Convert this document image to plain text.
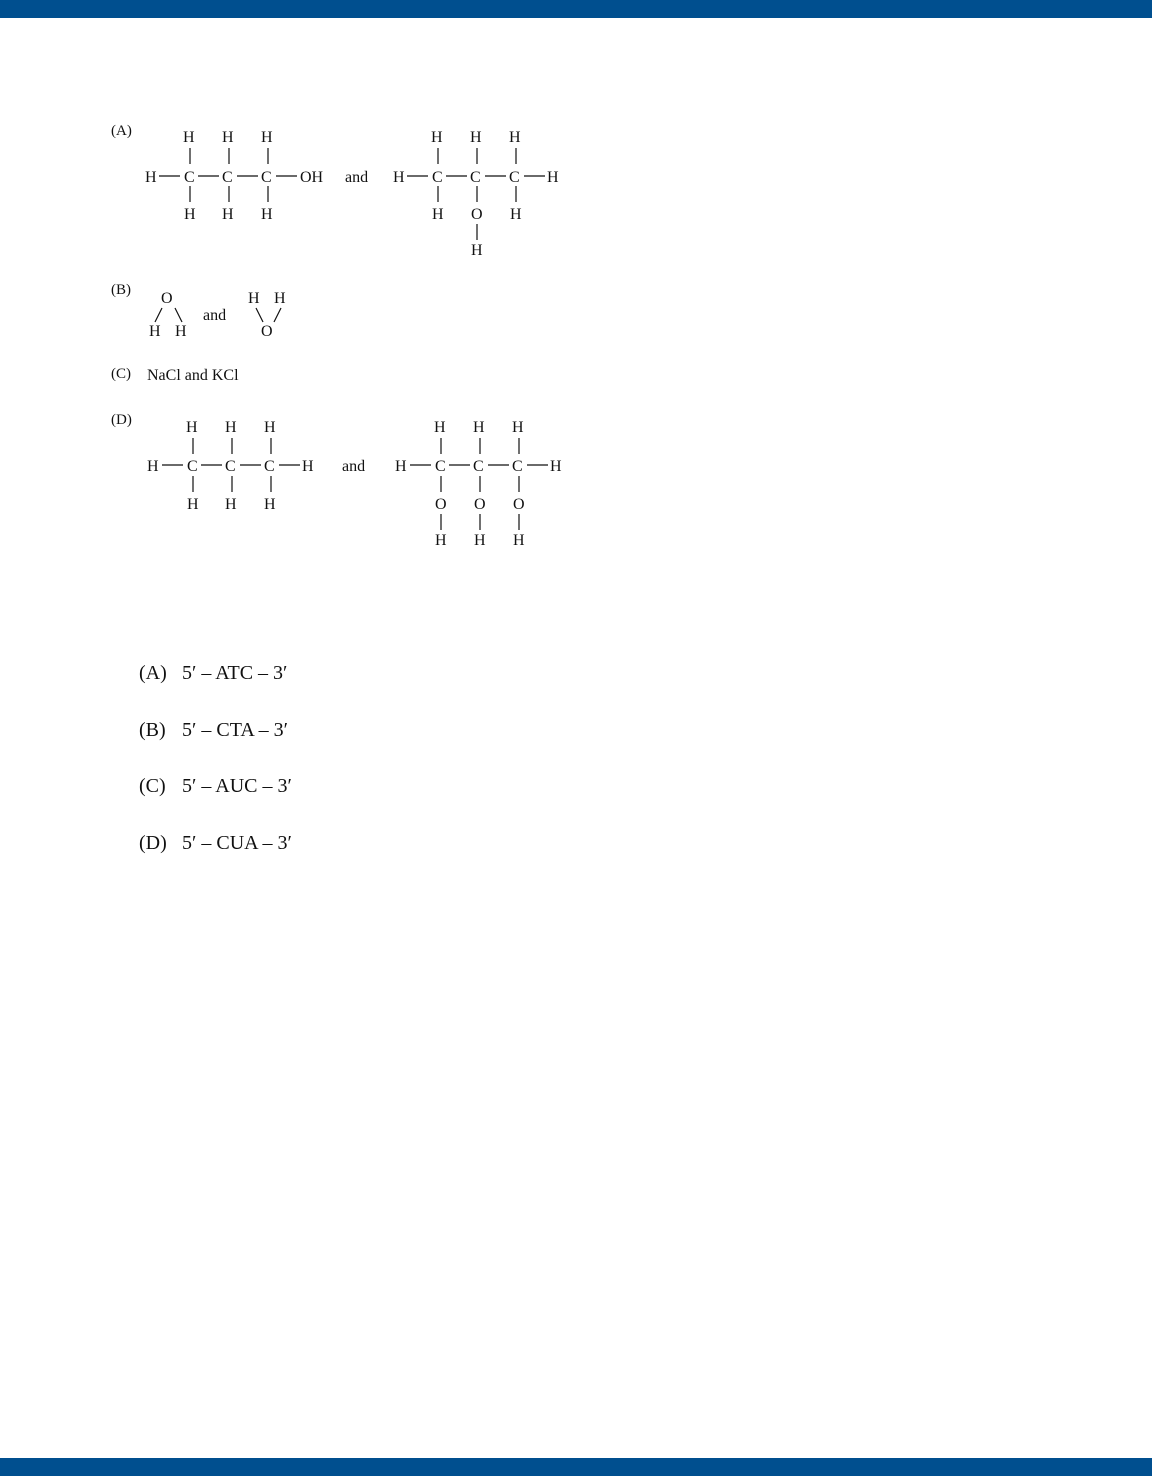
(A)
(B)
(C) NaCl and KCl
(D)
H H H
H C C C OH
H H H
and
H H H
H C C C H
H O H
H
O
H H
and
H H
O
H H H
H C C C H
H H H
and
H H H
H C C C H
O O O
H H H
(A) 5′ – ATC – 3′
(B) 5′ – CTA – 3′
(C) 5′ – AUC – 3′
(D) 5′ – CUA – 3′
